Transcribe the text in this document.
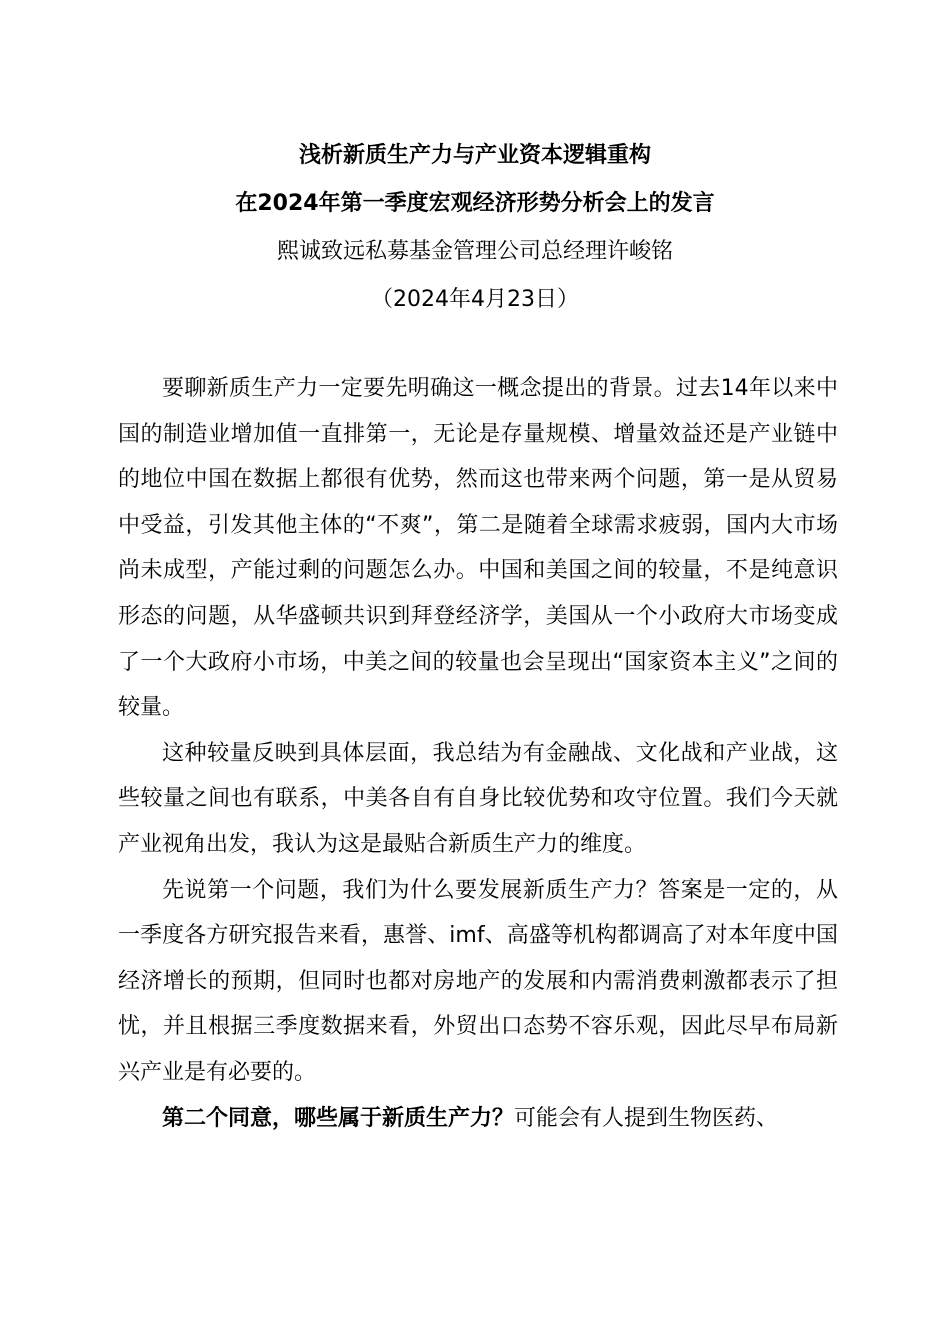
浅析新质生产力与产业资本逻辑重构
在2024年第一季度宏观经济形势分析会上的发言
熙诚致远私募基金管理公司总经理许峻铭
（2024年4月23日）

要聊新质生产力一定要先明确这一概念提出的背景。过去14年以来中国的制造业增加值一直排第一，无论是存量规模、增量效益还是产业链中的地位中国在数据上都很有优势，然而这也带来两个问题，第一是从贸易中受益，引发其他主体的“不爽”，第二是随着全球需求疲弱，国内大市场尚未成型，产能过剩的问题怎么办。中国和美国之间的较量，不是纯意识形态的问题，从华盛顿共识到拜登经济学，美国从一个小政府大市场变成了一个大政府小市场，中美之间的较量也会呈现出“国家资本主义”之间的较量。

这种较量反映到具体层面，我总结为有金融战、文化战和产业战，这些较量之间也有联系，中美各自有自身比较优势和攻守位置。我们今天就产业视角出发，我认为这是最贴合新质生产力的维度。

先说第一个问题，我们为什么要发展新质生产力？答案是一定的，从一季度各方研究报告来看，惠誉、imf、高盛等机构都调高了对本年度中国经济增长的预期，但同时也都对房地产的发展和内需消费刺激都表示了担忧，并且根据三季度数据来看，外贸出口态势不容乐观，因此尽早布局新兴产业是有必要的。

第二个同意，哪些属于新质生产力？可能会有人提到生物医药、
